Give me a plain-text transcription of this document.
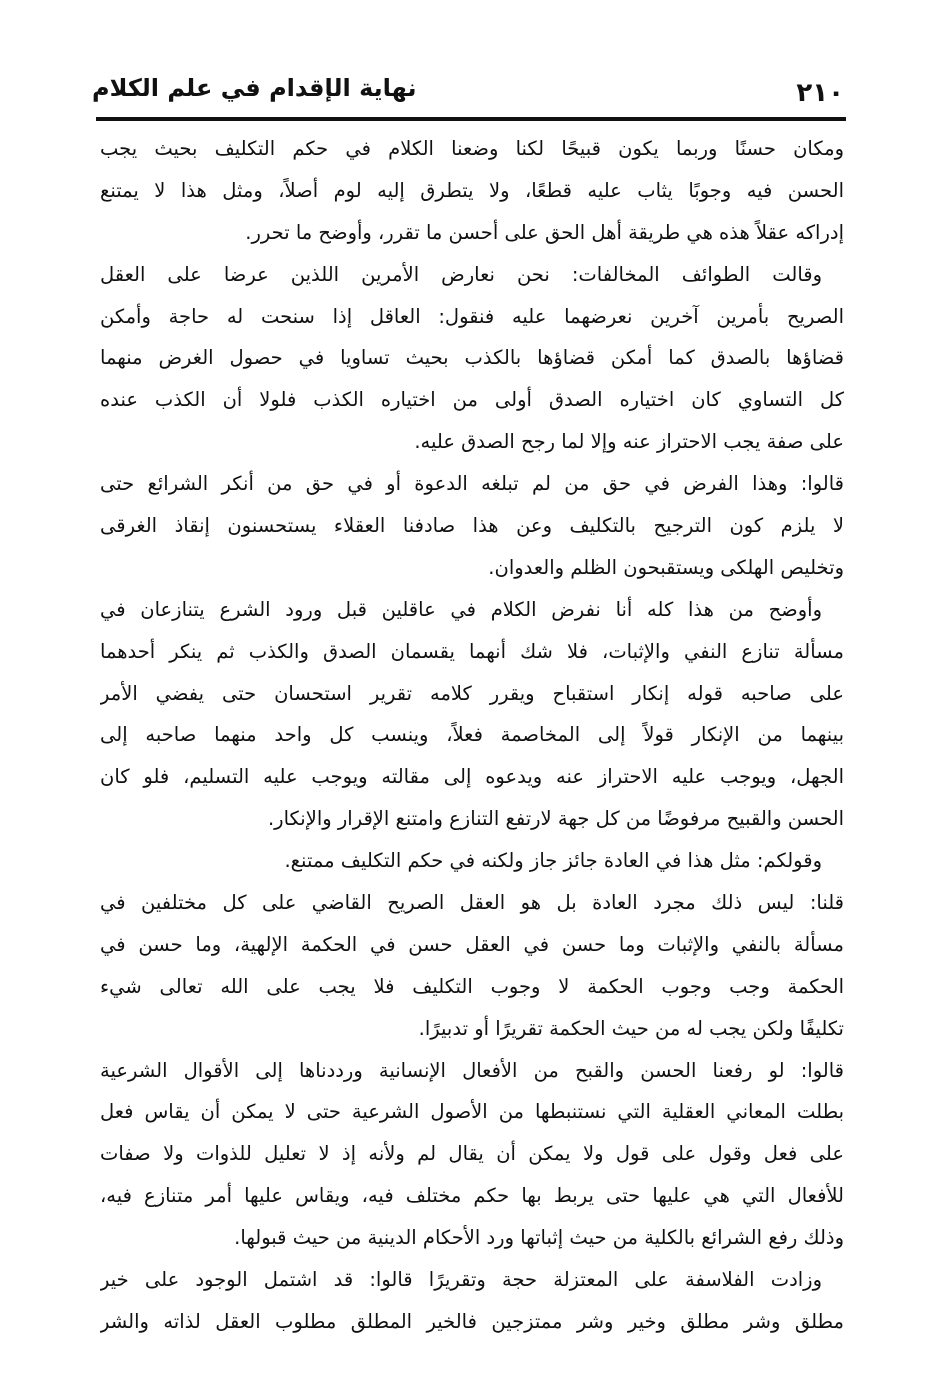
٢١٠
نهاية الإقدام في علم الكلام
ومكان حسنًا وربما يكون قبيحًا لكنا وضعنا الكلام في حكم التكليف بحيث يجب
الحسن فيه وجوبًا يثاب عليه قطعًا، ولا يتطرق إليه لوم أصلاً، ومثل هذا لا يمتنع
إدراكه عقلاً هذه هي طريقة أهل الحق على أحسن ما تقرر، وأوضح ما تحرر.
وقالت الطوائف المخالفات: نحن نعارض الأمرين اللذين عرضا على العقل
الصريح بأمرين آخرين نعرضهما عليه فنقول: العاقل إذا سنحت له حاجة وأمكن
قضاؤها بالصدق كما أمكن قضاؤها بالكذب بحيث تساويا في حصول الغرض منهما
كل التساوي كان اختياره الصدق أولى من اختياره الكذب فلولا أن الكذب عنده
على صفة يجب الاحتراز عنه وإلا لما رجح الصدق عليه.
قالوا: وهذا الفرض في حق من لم تبلغه الدعوة أو في حق من أنكر الشرائع حتى
لا يلزم كون الترجيح بالتكليف وعن هذا صادفنا العقلاء يستحسنون إنقاذ الغرقى
وتخليص الهلكى ويستقبحون الظلم والعدوان.
وأوضح من هذا كله أنا نفرض الكلام في عاقلين قبل ورود الشرع يتنازعان في
مسألة تنازع النفي والإثبات، فلا شك أنهما يقسمان الصدق والكذب ثم ينكر أحدهما
على صاحبه قوله إنكار استقباح ويقرر كلامه تقرير استحسان حتى يفضي الأمر
بينهما من الإنكار قولاً إلى المخاصمة فعلاً، وينسب كل واحد منهما صاحبه إلى
الجهل، ويوجب عليه الاحتراز عنه ويدعوه إلى مقالته ويوجب عليه التسليم، فلو كان
الحسن والقبيح مرفوضًا من كل جهة لارتفع التنازع وامتنع الإقرار والإنكار.
وقولكم: مثل هذا في العادة جائز جاز ولكنه في حكم التكليف ممتنع.
قلنا: ليس ذلك مجرد العادة بل هو العقل الصريح القاضي على كل مختلفين في
مسألة بالنفي والإثبات وما حسن في العقل حسن في الحكمة الإلهية، وما حسن في
الحكمة وجب وجوب الحكمة لا وجوب التكليف فلا يجب على الله تعالى شيء
تكليفًا ولكن يجب له من حيث الحكمة تقريرًا أو تدبيرًا.
قالوا: لو رفعنا الحسن والقبح من الأفعال الإنسانية ورددناها إلى الأقوال الشرعية
بطلت المعاني العقلية التي نستنبطها من الأصول الشرعية حتى لا يمكن أن يقاس فعل
على فعل وقول على قول ولا يمكن أن يقال لم ولأنه إذ لا تعليل للذوات ولا صفات
للأفعال التي هي عليها حتى يربط بها حكم مختلف فيه، ويقاس عليها أمر متنازع فيه،
وذلك رفع الشرائع بالكلية من حيث إثباتها ورد الأحكام الدينية من حيث قبولها.
وزادت الفلاسفة على المعتزلة حجة وتقريرًا قالوا: قد اشتمل الوجود على خير
مطلق وشر مطلق وخير وشر ممتزجين فالخير المطلق مطلوب العقل لذاته والشر
